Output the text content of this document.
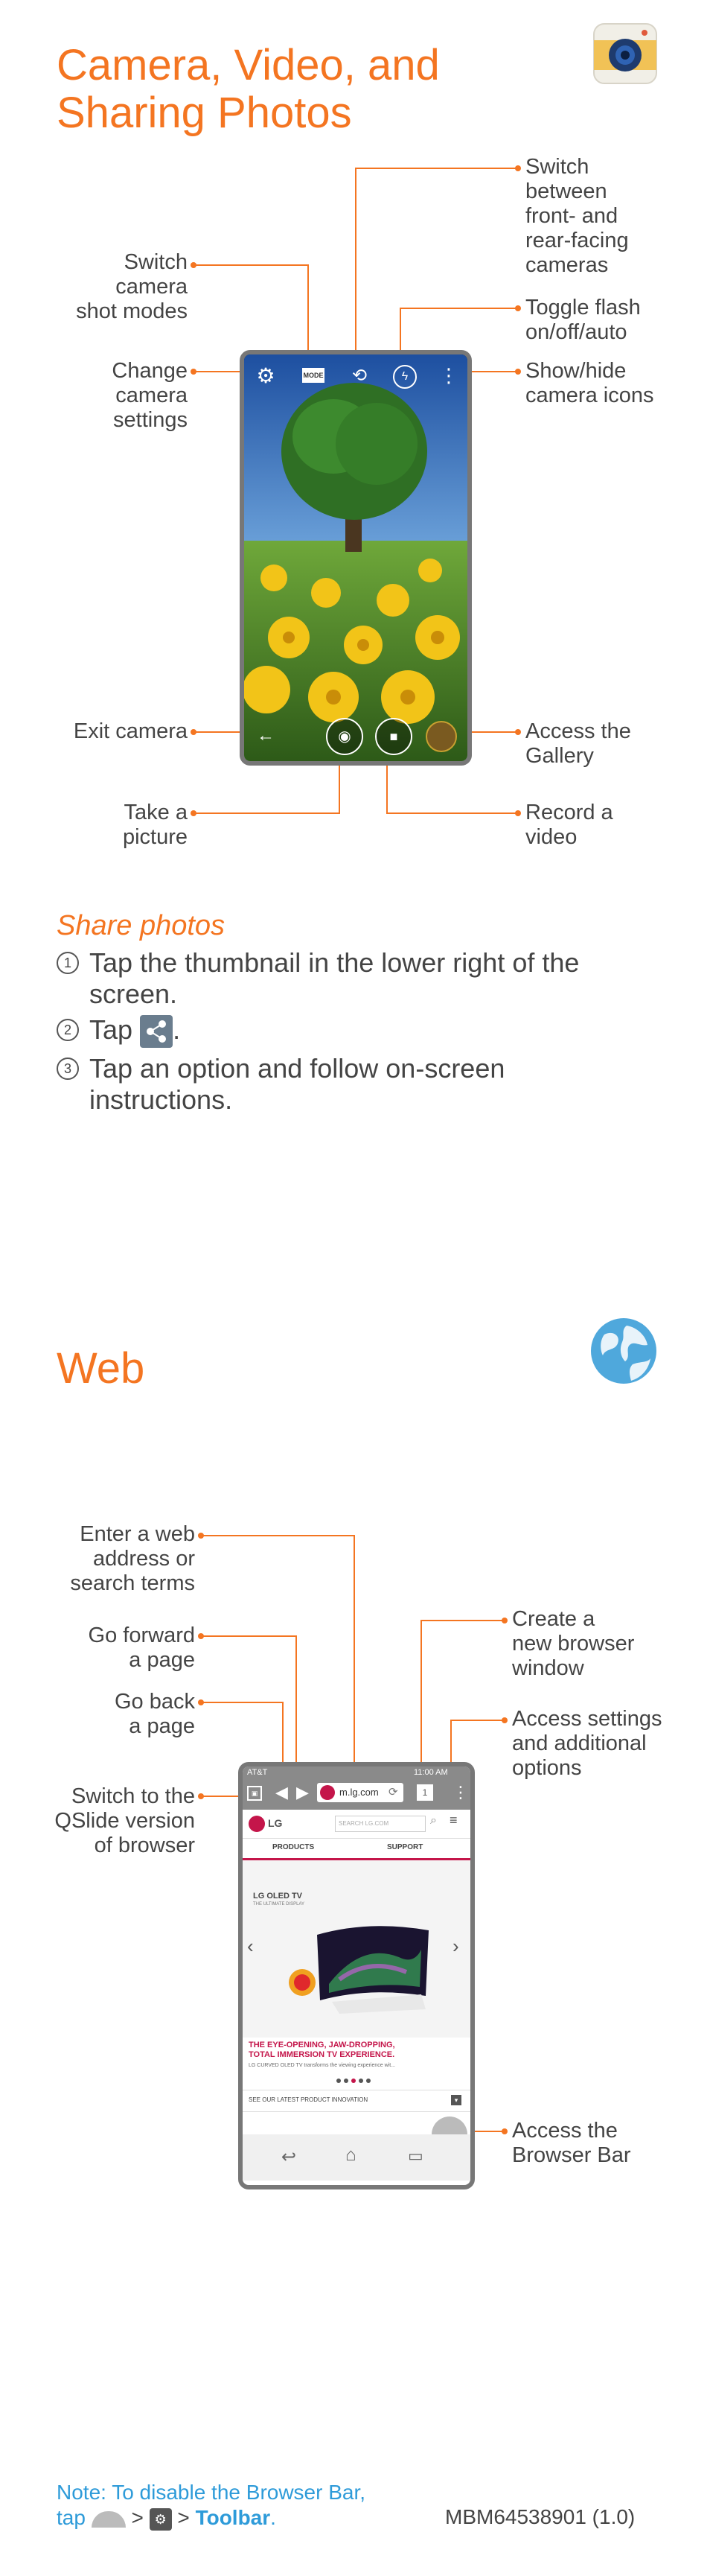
Camera, Video, and
Sharing Photos
Switch
camera
shot modes
Change
camera
settings
Exit camera
Take a
picture
Switch
between
front- and
rear-facing
cameras
Toggle flash
on/off/auto
Show/hide
camera icons
Access the
Gallery
Record a
video
⚙	MODE ⟲	ϟ	⋮
←	◉	■
Share photos
1 Tap the thumbnail in the lower right of the screen.
2 Tap .
3 Tap an option and follow on-screen instructions.
Web
Enter a web
address or
search terms
Go forward
a page
Go back
a page
Switch to the
QSlide version
of browser
Create a
new browser
window
Access settings
and additional
options
Access the
Browser Bar
AT&T	11:00 AM
▣ ◀ ▶	m.lg.com ⟳	1	⋮
LG	SEARCH LG.COM	⌕ ≡
PRODUCTS	SUPPORT
‹	›
LG OLED TV
THE ULTIMATE DISPLAY
THE EYE-OPENING, JAW-DROPPING,
TOTAL IMMERSION TV EXPERIENCE.
LG CURVED OLED TV transforms the viewing experience wit...
SEE OUR LATEST PRODUCT INNOVATION	▾
↩	⌂	▭
Note: To disable the Browser Bar,
tap > ⚙ > Toolbar.	MBM64538901 (1.0)
